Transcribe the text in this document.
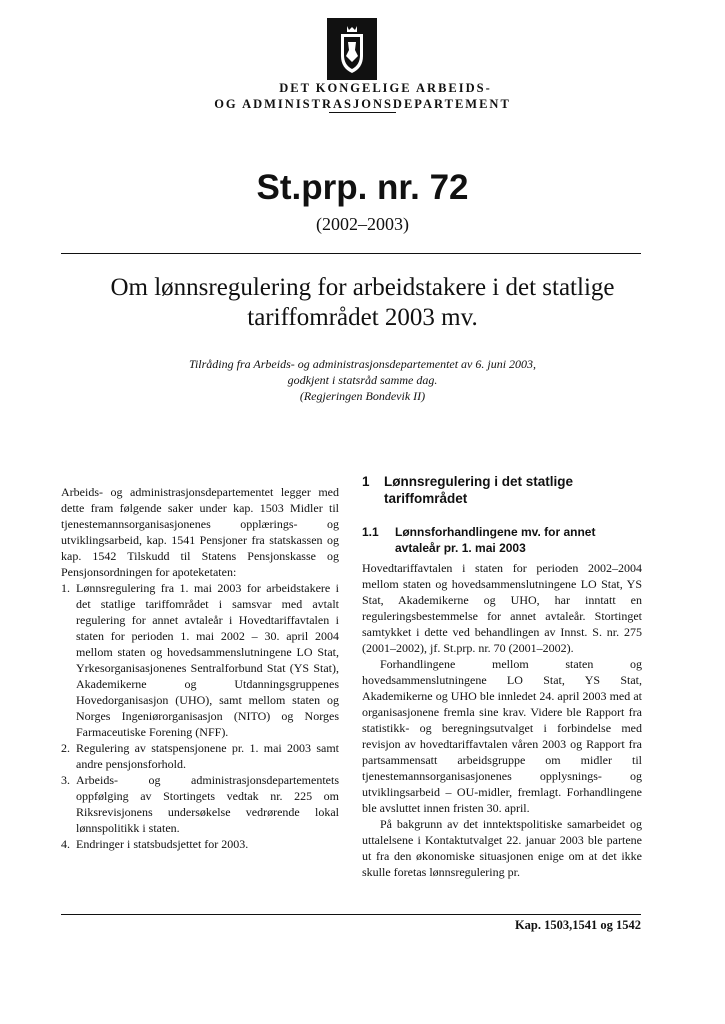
DET KONGELIGE ARBEIDS-
OG ADMINISTRASJONSDEPARTEMENT
St.prp. nr. 72
(2002–2003)
Om lønnsregulering for arbeidstakere i det statlige
tariffområdet 2003 mv.
Tilråding fra Arbeids- og administrasjonsdepartementet av 6. juni 2003,
godkjent i statsråd samme dag.
(Regjeringen Bondevik II)

Arbeids- og administrasjonsdepartementet legger med dette fram følgende saker under kap. 1503 Midler til tjenestemannsorganisasjonenes opplærings- og utviklingsarbeid, kap. 1541 Pensjoner fra statskassen og kap. 1542 Tilskudd til Statens Pensjonskasse og Pensjonsordningen for apoteketaten:

1. Lønnsregulering fra 1. mai 2003 for arbeidstakere i det statlige tariffområdet i samsvar med avtalt regulering for annet avtaleår i Hovedtariffavtalen i staten for perioden 1. mai 2002 – 30. april 2004 mellom staten og hovedsammenslutningene LO Stat, Yrkesorganisasjonenes Sentralforbund Stat (YS Stat), Akademikerne og Utdanningsgruppenes Hovedorganisasjon (UHO), samt mellom staten og Norges Ingeniørorganisasjon (NITO) og Norges Farmaceutiske Forening (NFF).
2. Regulering av statspensjonene pr. 1. mai 2003 samt andre pensjonsforhold.
3. Arbeids- og administrasjonsdepartementets oppfølging av Stortingets vedtak nr. 225 om Riksrevisjonens undersøkelse vedrørende lokal lønnspolitikk i staten.
4. Endringer i statsbudsjettet for 2003.
1	Lønnsregulering i det statlige tariffområdet
1.1	Lønnsforhandlingene mv. for annet avtaleår pr. 1. mai 2003

Hovedtariffavtalen i staten for perioden 2002–2004 mellom staten og hovedsammenslutningene LO Stat, YS Stat, Akademikerne og UHO, har inntatt en reguleringsbestemmelse for annet avtaleår. Stortinget samtykket i dette ved behandlingen av Innst. S. nr. 275 (2001–2002), jf. St.prp. nr. 70 (2001–2002).

Forhandlingene mellom staten og hovedsammenslutningene LO Stat, YS Stat, Akademikerne og UHO ble innledet 24. april 2003 med at organisasjonene fremla sine krav. Videre ble Rapport fra statistikk- og beregningsutvalget i forbindelse med revisjon av hovedtariffavtalen våren 2003 og Rapport fra partsammensatt arbeidsgruppe om midler til tjenestemannsorganisasjonenes opplysnings- og utviklingsarbeid – OU-midler, fremlagt. Forhandlingene ble avsluttet innen fristen 30. april.

På bakgrunn av det inntektspolitiske samarbeidet og uttalelsene i Kontaktutvalget 22. januar 2003 ble partene ut fra den økonomiske situasjonen enige om at det ikke skulle foretas lønnsregulering pr.

Kap. 1503,1541 og 1542
